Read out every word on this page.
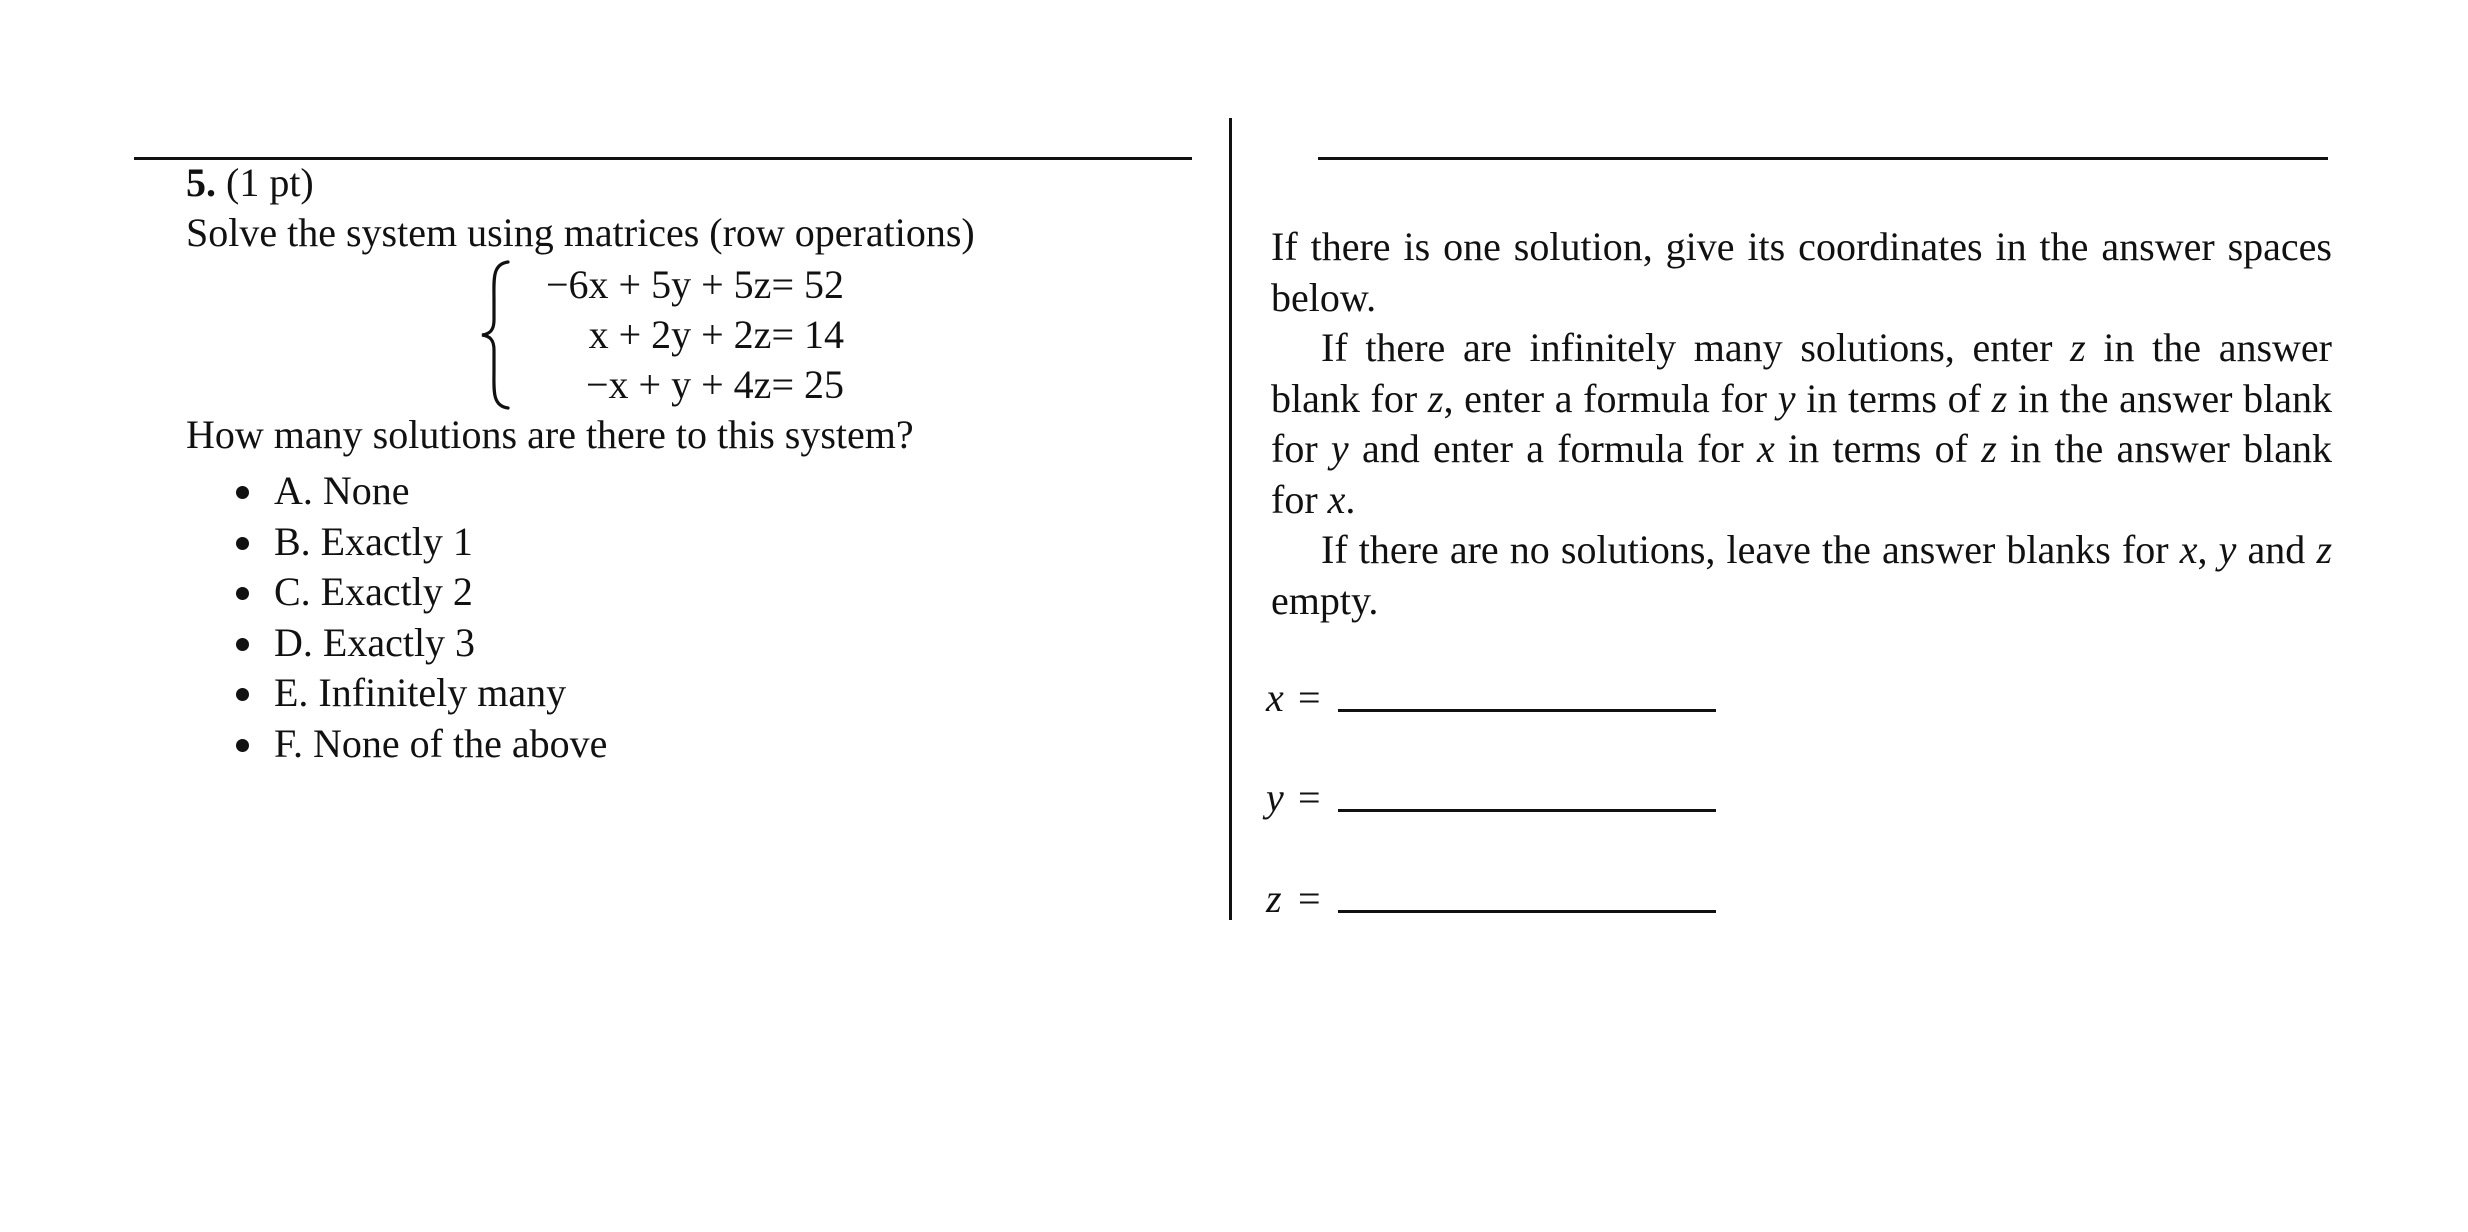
5. (1 pt)
Solve the system using matrices (row operations)
−6x + 5y + 5z= 52
x + 2y + 2z= 14
−x + y + 4z= 25
How many solutions are there to this system?
A. None
B. Exactly 1
C. Exactly 2
D. Exactly 3
E. Infinitely many
F. None of the above

If there is one solution, give its coordinates in the answer spaces below.

If there are infinitely many solutions, enter z in the answer blank for z, enter a formula for y in terms of z in the answer blank for y and enter a formula for x in terms of z in the answer blank for x.

If there are no solutions, leave the answer blanks for x, y and z empty.

x =
y =
z =
